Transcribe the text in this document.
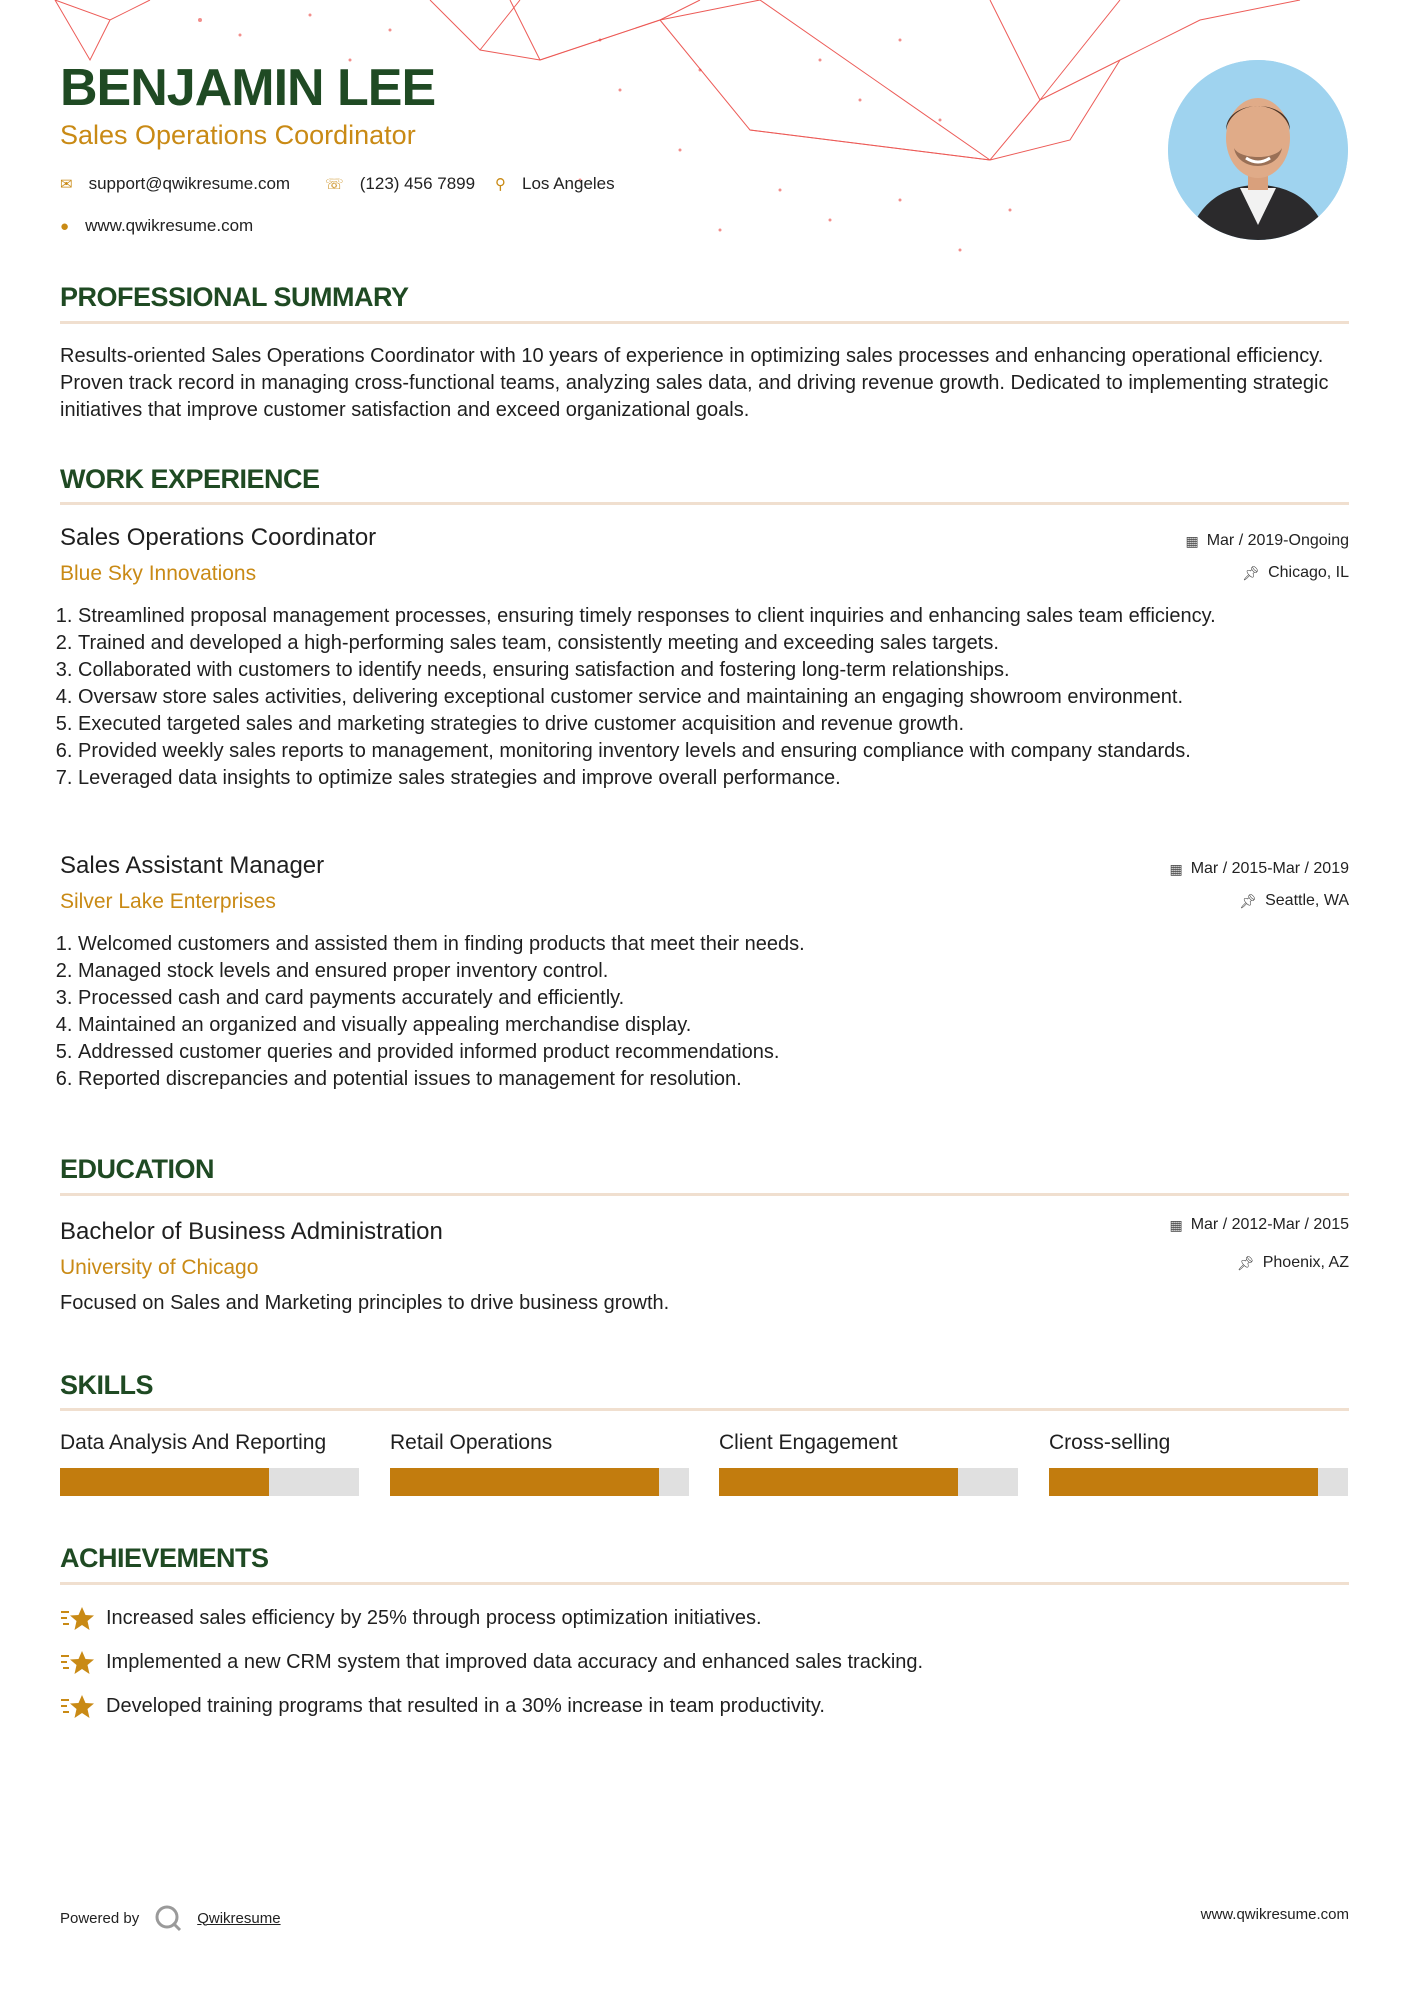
BENJAMIN LEE
Sales Operations Coordinator
✉ support@qwikresume.com ☏ (123) 456 7899 ⚲ Los Angeles
● www.qwikresume.com
PROFESSIONAL SUMMARY
Results-oriented Sales Operations Coordinator with 10 years of experience in optimizing sales processes and enhancing operational efficiency. Proven track record in managing cross-functional teams, analyzing sales data, and driving revenue growth. Dedicated to implementing strategic initiatives that improve customer satisfaction and exceed organizational goals.
WORK EXPERIENCE
Sales Operations Coordinator
Blue Sky Innovations
▦ Mar / 2019-Ongoing
📌︎ Chicago, IL
1. Streamlined proposal management processes, ensuring timely responses to client inquiries and enhancing sales team efficiency.
2. Trained and developed a high-performing sales team, consistently meeting and exceeding sales targets.
3. Collaborated with customers to identify needs, ensuring satisfaction and fostering long-term relationships.
4. Oversaw store sales activities, delivering exceptional customer service and maintaining an engaging showroom environment.
5. Executed targeted sales and marketing strategies to drive customer acquisition and revenue growth.
6. Provided weekly sales reports to management, monitoring inventory levels and ensuring compliance with company standards.
7. Leveraged data insights to optimize sales strategies and improve overall performance.
Sales Assistant Manager
Silver Lake Enterprises
▦ Mar / 2015-Mar / 2019
📌︎ Seattle, WA
1. Welcomed customers and assisted them in finding products that meet their needs.
2. Managed stock levels and ensured proper inventory control.
3. Processed cash and card payments accurately and efficiently.
4. Maintained an organized and visually appealing merchandise display.
5. Addressed customer queries and provided informed product recommendations.
6. Reported discrepancies and potential issues to management for resolution.
EDUCATION
Bachelor of Business Administration
University of Chicago
▦ Mar / 2012-Mar / 2015
📌︎ Phoenix, AZ
Focused on Sales and Marketing principles to drive business growth.
SKILLS
Data Analysis And Reporting	Retail Operations	Client Engagement	Cross-selling
ACHIEVEMENTS
Increased sales efficiency by 25% through process optimization initiatives.
Implemented a new CRM system that improved data accuracy and enhanced sales tracking.
Developed training programs that resulted in a 30% increase in team productivity.
Powered by	Qwikresume	www.qwikresume.com
